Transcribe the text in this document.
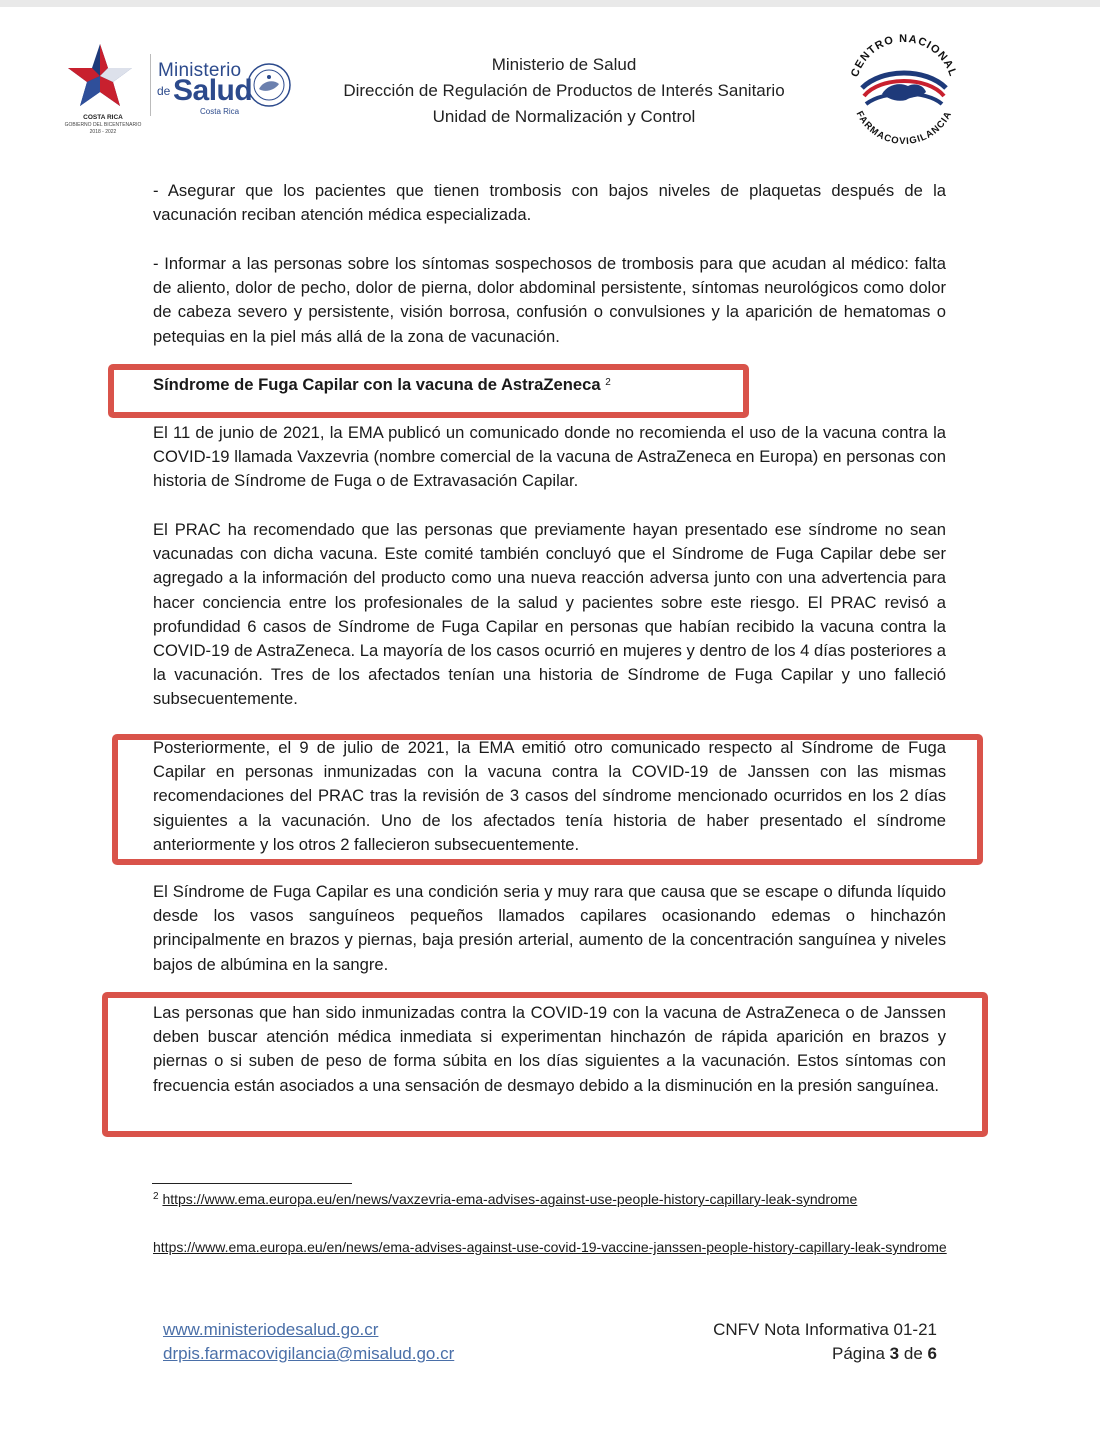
COSTA RICA
GOBIERNO DEL BICENTENARIO
2018 - 2022
Ministerio
de Salud
Costa Rica
Ministerio de Salud
Dirección de Regulación de Productos de Interés Sanitario
Unidad de Normalización y Control
CENTRO NACIONAL
FARMACOVIGILANCIA
- Asegurar que los pacientes que tienen trombosis con bajos niveles de plaquetas después de la vacunación reciban atención médica especializada.
- Informar a las personas sobre los síntomas sospechosos de trombosis para que acudan al médico: falta de aliento, dolor de pecho, dolor de pierna, dolor abdominal persistente, síntomas neurológicos como dolor de cabeza severo y persistente, visión borrosa, confusión o convulsiones y la aparición de hematomas o petequias en la piel más allá de la zona de vacunación.
Síndrome de Fuga Capilar con la vacuna de AstraZeneca $^2$
El 11 de junio de 2021, la EMA publicó un comunicado donde no recomienda el uso de la vacuna contra la COVID-19 llamada Vaxzevria (nombre comercial de la vacuna de AstraZeneca en Europa) en personas con historia de Síndrome de Fuga o de Extravasación Capilar.
El PRAC ha recomendado que las personas que previamente hayan presentado ese síndrome no sean vacunadas con dicha vacuna. Este comité también concluyó que el Síndrome de Fuga Capilar debe ser agregado a la información del producto como una nueva reacción adversa junto con una advertencia para hacer conciencia entre los profesionales de la salud y pacientes sobre este riesgo. El PRAC revisó a profundidad 6 casos de Síndrome de Fuga Capilar en personas que habían recibido la vacuna contra la COVID-19 de AstraZeneca. La mayoría de los casos ocurrió en mujeres y dentro de los 4 días posteriores a la vacunación. Tres de los afectados tenían una historia de Síndrome de Fuga Capilar y uno falleció subsecuentemente.
Posteriormente, el 9 de julio de 2021, la EMA emitió otro comunicado respecto al Síndrome de Fuga Capilar en personas inmunizadas con la vacuna contra la COVID-19 de Janssen con las mismas recomendaciones del PRAC tras la revisión de 3 casos del síndrome mencionado ocurridos en los 2 días siguientes a la vacunación. Uno de los afectados tenía historia de haber presentado el síndrome anteriormente y los otros 2 fallecieron subsecuentemente.
El Síndrome de Fuga Capilar es una condición seria y muy rara que causa que se escape o difunda líquido desde los vasos sanguíneos pequeños llamados capilares ocasionando edemas o hinchazón principalmente en brazos y piernas, baja presión arterial, aumento de la concentración sanguínea y niveles bajos de albúmina en la sangre.
Las personas que han sido inmunizadas contra la COVID-19 con la vacuna de AstraZeneca o de Janssen deben buscar atención médica inmediata si experimentan hinchazón de rápida aparición en brazos y piernas o si suben de peso de forma súbita en los días siguientes a la vacunación. Estos síntomas con frecuencia están asociados a una sensación de desmayo debido a la disminución en la presión sanguínea.
$^2$ https://www.ema.europa.eu/en/news/vaxzevria-ema-advises-against-use-people-history-capillary-leak-syndrome
https://www.ema.europa.eu/en/news/ema-advises-against-use-covid-19-vaccine-janssen-people-history-capillary-leak-syndrome
www.ministeriodesalud.go.cr
drpis.farmacovigilancia@misalud.go.cr
CNFV Nota Informativa 01-21
Página 3 de 6
